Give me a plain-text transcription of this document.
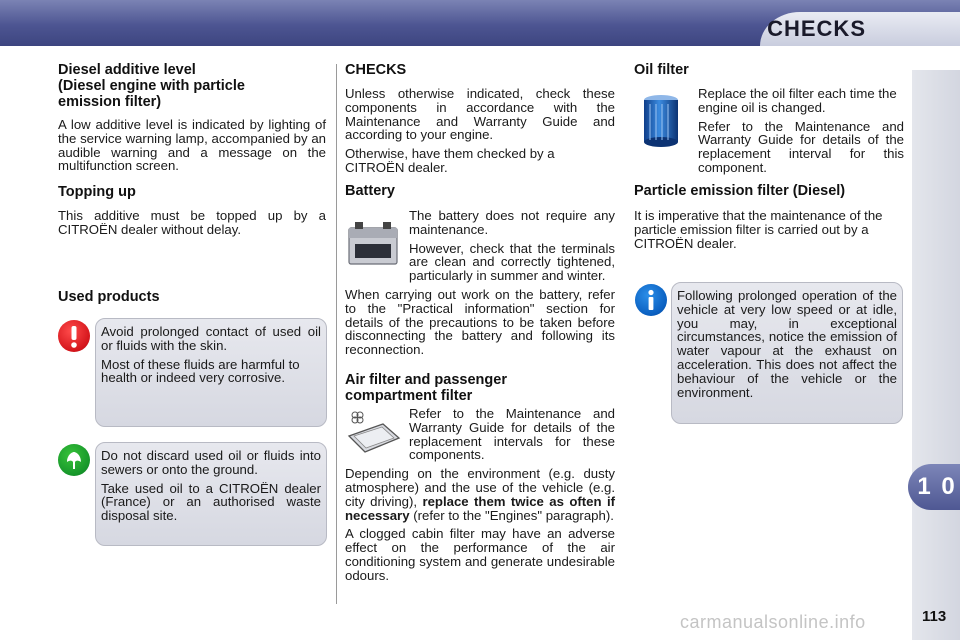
CHECKS
1 0
113
carmanualsonline.info
Diesel additive level
(Diesel engine with particle
emission filter)

A low additive level is indicated by lighting of the service warning lamp, accompanied by an audible warning and a message on the multifunction screen.

Topping up

This additive must be topped up by a CITROËN dealer without delay.

Used products

Avoid prolonged contact of used oil or fluids with the skin.

Most of these fluids are harmful to health or indeed very corrosive.

Do not discard used oil or fluids into sewers or onto the ground.

Take used oil to a CITROËN dealer (France) or an authorised waste disposal site.

CHECKS

Unless otherwise indicated, check these components in accordance with the Maintenance and Warranty Guide and according to your engine.

Otherwise, have them checked by a CITROËN dealer.

Battery

The battery does not require any maintenance.

However, check that the terminals are clean and correctly tightened, particularly in summer and winter.

When carrying out work on the battery, refer to the "Practical information" section for details of the precautions to be taken before disconnecting the battery and following its reconnection.

Air filter and passenger
compartment filter

Refer to the Maintenance and Warranty Guide for details of the replacement intervals for these components.

Depending on the environment (e.g. dusty atmosphere) and the use of the vehicle (e.g. city driving), replace them twice as often if necessary (refer to the "Engines" paragraph).

A clogged cabin filter may have an adverse effect on the performance of the air conditioning system and generate undesirable odours.

Oil filter

Replace the oil filter each time the engine oil is changed.

Refer to the Maintenance and Warranty Guide for details of the replacement interval for this component.

Particle emission filter (Diesel)

It is imperative that the maintenance of the particle emission filter is carried out by a CITROËN dealer.

Following prolonged operation of the vehicle at very low speed or at idle, you may, in exceptional circumstances, notice the emission of water vapour at the exhaust on acceleration. This does not affect the behaviour of the vehicle or the environment.
